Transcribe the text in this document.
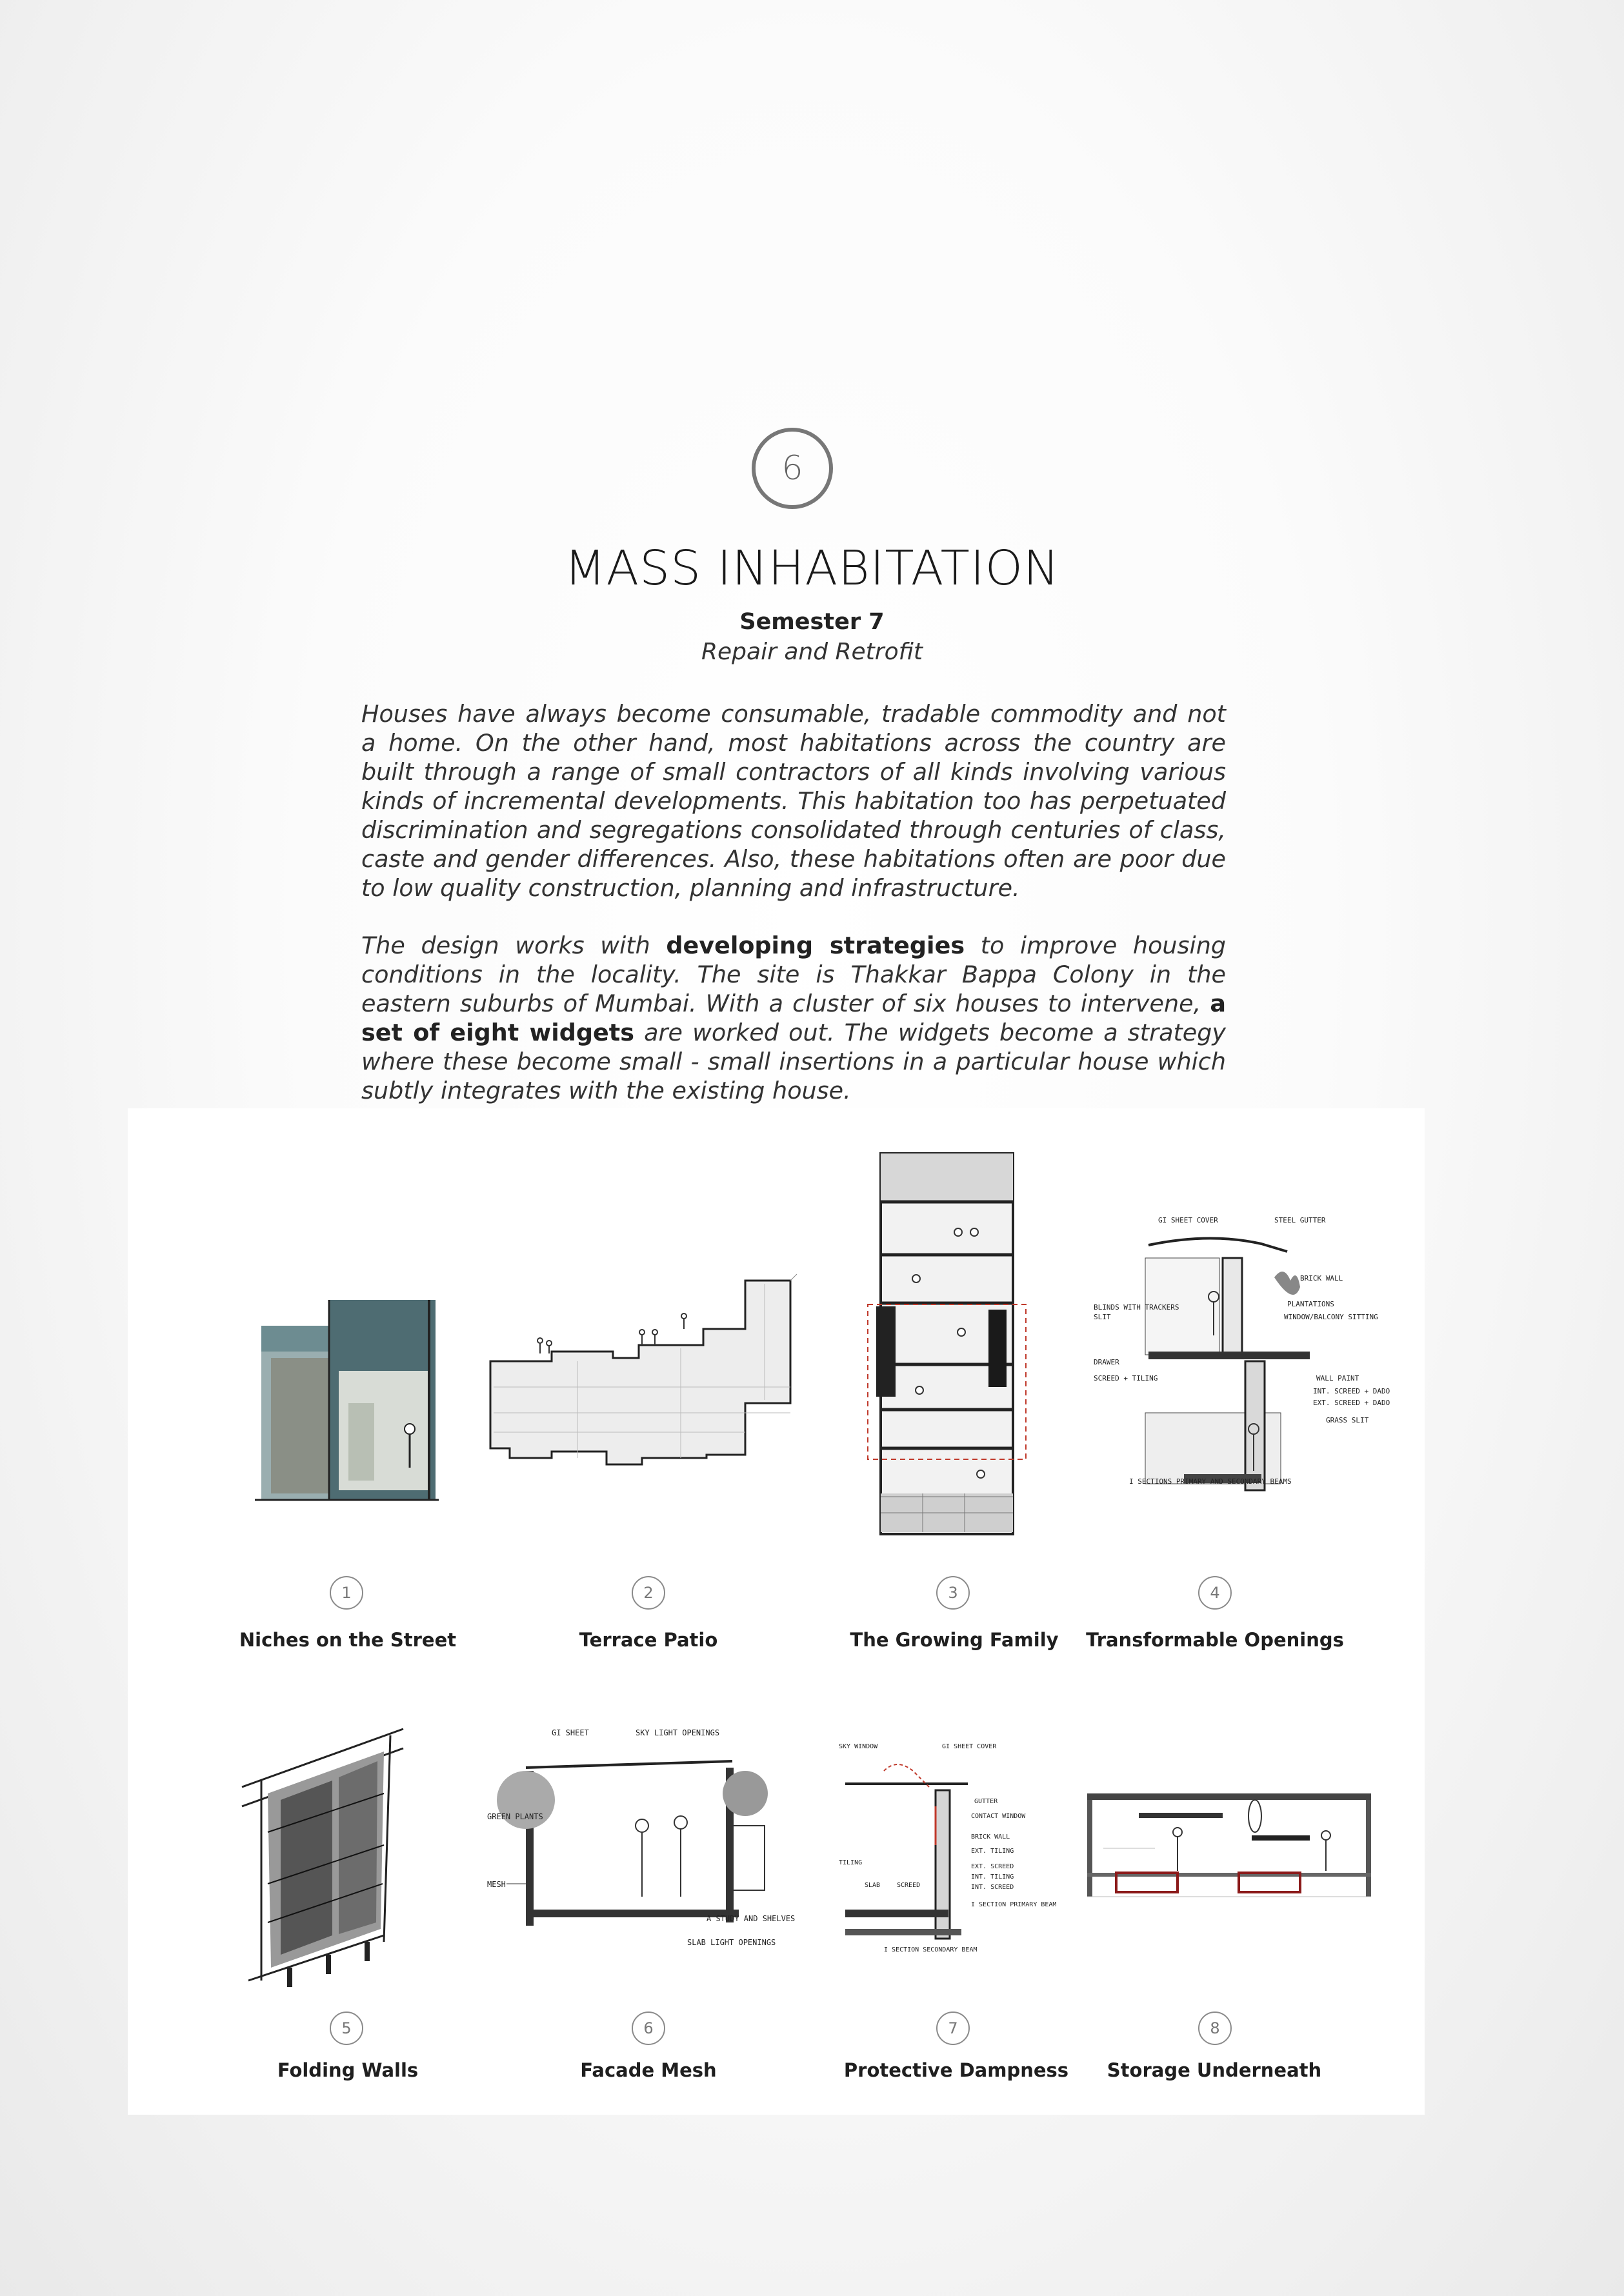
6
MASS INHABITATION
Semester 7
Repair and Retrofit

Houses have always become consumable, tradable commodity and not a home. On the other hand, most habitations across the country are built through a range of small contractors of all kinds involving various kinds of incremental developments. This habitation too has perpetuated discrimination and segregations consolidated through centuries of class, caste and gender differences. Also, these habitations often are poor due to low quality construction, planning and infrastructure.

The design works with developing strategies to improve housing conditions in the locality. The site is Thakkar Bappa Colony in the eastern suburbs of Mumbai. With a cluster of six houses to intervene, a set of eight widgets are worked out. The widgets become a strategy where these become small - small insertions in a particular house which subtly integrates with the existing house.

GI SHEET COVER	STEEL GUTTER
BRICK WALL
BLINDS WITH TRACKERS
SLIT
PLANTATIONS
WINDOW/BALCONY SITTING
DRAWER
SCREED + TILING	WALL PAINT
INT. SCREED + DADO
EXT. SCREED + DADO
GRASS SLIT
I SECTIONS PRIMARY AND SECONDARY BEAMS
GI SHEET	SKY LIGHT OPENINGS
GREEN PLANTS
MESH
A STUDY AND SHELVES
SLAB LIGHT OPENINGS
SKY WINDOW	GI SHEET COVER
GUTTER
CONTACT WINDOW
BRICK WALL
EXT. TILING
TILING
SLAB	SCREED
EXT. SCREED
INT. TILING
INT. SCREED
I SECTION PRIMARY BEAM
I SECTION SECONDARY BEAM
1	2	3	4
5	6	7	8
Niches on the Street	Terrace Patio	The Growing Family	Transformable Openings
Folding Walls	Facade Mesh	Protective Dampness	Storage Underneath
